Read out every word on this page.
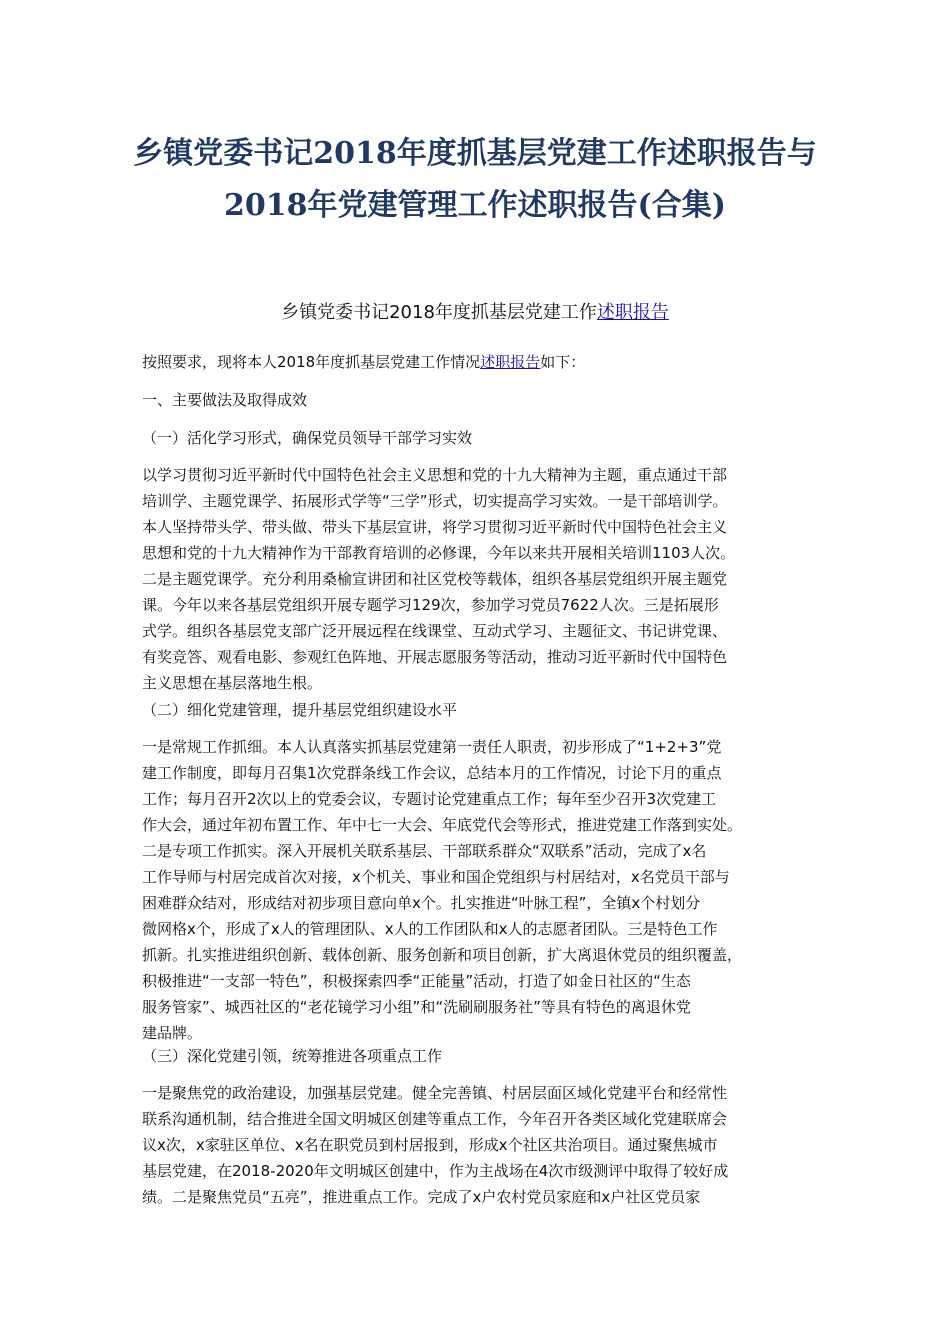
乡镇党委书记2018年度抓基层党建工作述职报告与
2018年党建管理工作述职报告(合集)
乡镇党委书记2018年度抓基层党建工作述职报告

按照要求，现将本人2018年度抓基层党建工作情况述职报告如下：

一、主要做法及取得成效

（一）活化学习形式，确保党员领导干部学习实效

以学习贯彻习近平新时代中国特色社会主义思想和党的十九大精神为主题，重点通过干部
培训学、主题党课学、拓展形式学等“三学”形式，切实提高学习实效。一是干部培训学。
本人坚持带头学、带头做、带头下基层宣讲，将学习贯彻习近平新时代中国特色社会主义
思想和党的十九大精神作为干部教育培训的必修课，今年以来共开展相关培训1103人次。
二是主题党课学。充分利用桑榆宣讲团和社区党校等载体，组织各基层党组织开展主题党
课。今年以来各基层党组织开展专题学习129次，参加学习党员7622人次。三是拓展形
式学。组织各基层党支部广泛开展远程在线课堂、互动式学习、主题征文、书记讲党课、
有奖竞答、观看电影、参观红色阵地、开展志愿服务等活动，推动习近平新时代中国特色
主义思想在基层落地生根。

（二）细化党建管理，提升基层党组织建设水平

一是常规工作抓细。本人认真落实抓基层党建第一责任人职责，初步形成了“1+2+3”党
建工作制度，即每月召集1次党群条线工作会议，总结本月的工作情况，讨论下月的重点
工作；每月召开2次以上的党委会议，专题讨论党建重点工作；每年至少召开3次党建工
作大会，通过年初布置工作、年中七一大会、年底党代会等形式，推进党建工作落到实处。
二是专项工作抓实。深入开展机关联系基层、干部联系群众“双联系”活动，完成了x名
工作导师与村居完成首次对接，x个机关、事业和国企党组织与村居结对，x名党员干部与
困难群众结对，形成结对初步项目意向单x个。扎实推进“叶脉工程”，全镇x个村划分
微网格x个，形成了x人的管理团队、x人的工作团队和x人的志愿者团队。三是特色工作
抓新。扎实推进组织创新、载体创新、服务创新和项目创新，扩大离退休党员的组织覆盖，
积极推进“一支部一特色”，积极探索四季“正能量”活动，打造了如金日社区的“生态
服务管家”、城西社区的“老花镜学习小组”和“洗刷刷服务社”等具有特色的离退休党
建品牌。

（三）深化党建引领，统筹推进各项重点工作

一是聚焦党的政治建设，加强基层党建。健全完善镇、村居层面区域化党建平台和经常性
联系沟通机制，结合推进全国文明城区创建等重点工作，今年召开各类区域化党建联席会
议x次，x家驻区单位、x名在职党员到村居报到，形成x个社区共治项目。通过聚焦城市
基层党建，在2018-2020年文明城区创建中，作为主战场在4次市级测评中取得了较好成
绩。二是聚焦党员“五亮”，推进重点工作。完成了x户农村党员家庭和x户社区党员家
